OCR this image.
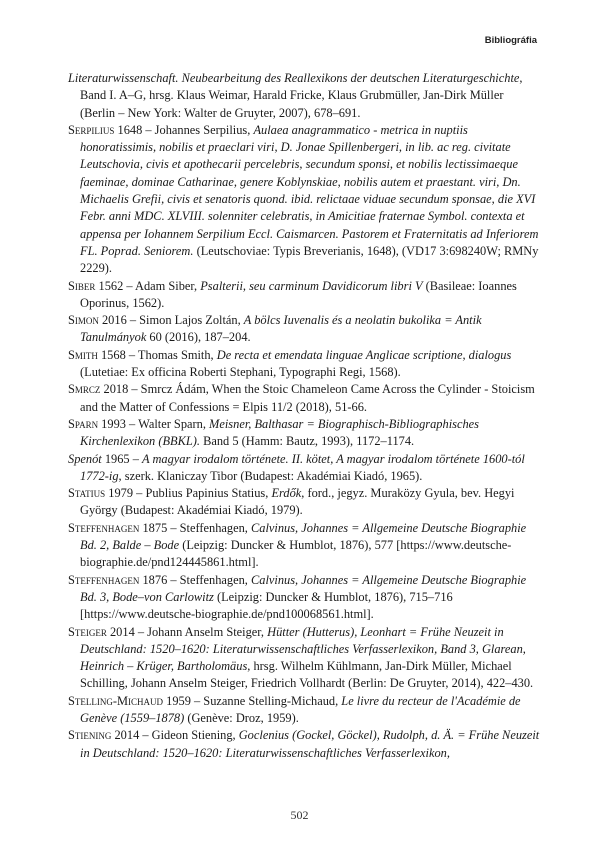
Bibliográfia

Literaturwissenschaft. Neubearbeitung des Reallexikons der deutschen Literaturgeschichte, Band I. A–G, hrsg. Klaus Weimar, Harald Fricke, Klaus Grubmüller, Jan-Dirk Müller (Berlin – New York: Walter de Gruyter, 2007), 678–691.

Serpilius 1648 – Johannes Serpilius, Aulaea anagrammatico - metrica in nuptiis honoratissimis, nobilis et praeclari viri, D. Jonae Spillenbergeri, in lib. ac reg. civitate Leutschovia, civis et apothecarii percelebris, secundum sponsi, et nobilis lectissimaeque faeminae, dominae Catharinae, genere Koblynskiae, nobilis autem et praestant. viri, Dn. Michaelis Grefii, civis et senatoris quond. ibid. relictaae viduae secundum sponsae, die XVI Febr. anni MDC. XLVIII. solenniter celebratis, in Amicitiae fraternae Symbol. contexta et appensa per Iohannem Serpilium Eccl. Caismarcen. Pastorem et Fraternitatis ad Inferiorem FL. Poprad. Seniorem. (Leutschoviae: Typis Breverianis, 1648), (VD17 3:698240W; RMNy 2229).

Siber 1562 – Adam Siber, Psalterii, seu carminum Davidicorum libri V (Basileae: Ioannes Oporinus, 1562).

Simon 2016 – Simon Lajos Zoltán, A bölcs Iuvenalis és a neolatin bukolika = Antik Tanulmányok 60 (2016), 187–204.

Smith 1568 – Thomas Smith, De recta et emendata linguae Anglicae scriptione, dialogus (Lutetiae: Ex officina Roberti Stephani, Typographi Regi, 1568).

Smrcz 2018 – Smrcz Ádám, When the Stoic Chameleon Came Across the Cylinder - Stoicism and the Matter of Confessions = Elpis 11/2 (2018), 51-66.

Sparn 1993 – Walter Sparn, Meisner, Balthasar = Biographisch-Bibliographisches Kirchenlexikon (BBKL). Band 5 (Hamm: Bautz, 1993), 1172–1174.

Spenót 1965 – A magyar irodalom története. II. kötet, A magyar irodalom története 1600-tól 1772-ig, szerk. Klaniczay Tibor (Budapest: Akadémiai Kiadó, 1965).

Statius 1979 – Publius Papinius Statius, Erdők, ford., jegyz. Muraközy Gyula, bev. Hegyi György (Budapest: Akadémiai Kiadó, 1979).

Steffenhagen 1875 – Steffenhagen, Calvinus, Johannes = Allgemeine Deutsche Biographie Bd. 2, Balde – Bode (Leipzig: Duncker & Humblot, 1876), 577 [https://www.deutsche-biographie.de/pnd124445861.html].

Steffenhagen 1876 – Steffenhagen, Calvinus, Johannes = Allgemeine Deutsche Biographie Bd. 3, Bode–von Carlowitz (Leipzig: Duncker & Humblot, 1876), 715–716 [https://www.deutsche-biographie.de/pnd100068561.html].

Steiger 2014 – Johann Anselm Steiger, Hütter (Hutterus), Leonhart = Frühe Neuzeit in Deutschland: 1520–1620: Literaturwissenschaftliches Verfasserlexikon, Band 3, Glarean, Heinrich – Krüger, Bartholomäus, hrsg. Wilhelm Kühlmann, Jan-Dirk Müller, Michael Schilling, Johann Anselm Steiger, Friedrich Vollhardt (Berlin: De Gruyter, 2014), 422–430.

Stelling-Michaud 1959 – Suzanne Stelling-Michaud, Le livre du recteur de l'Académie de Genève (1559–1878) (Genève: Droz, 1959).

Stiening 2014 – Gideon Stiening, Goclenius (Gockel, Göckel), Rudolph, d. Ä. = Frühe Neuzeit in Deutschland: 1520–1620: Literaturwissenschaftliches Verfasserlexikon,

502
